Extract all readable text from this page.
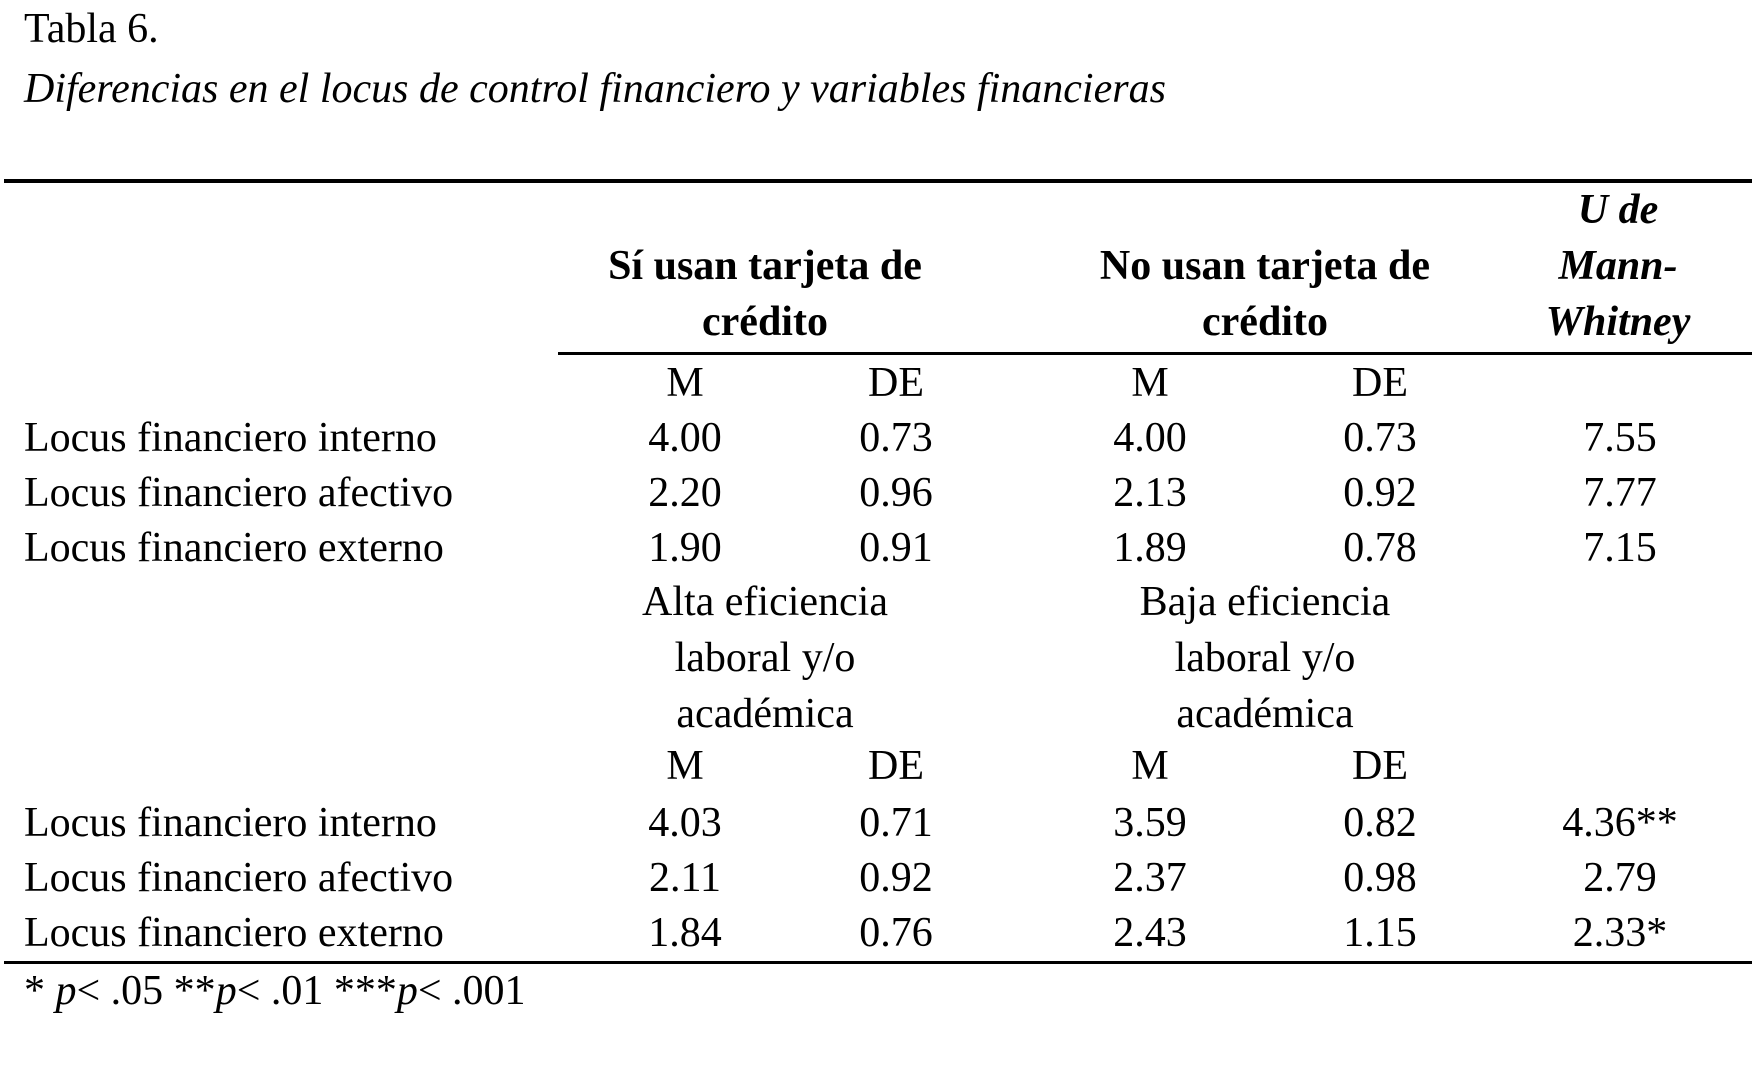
Tabla 6.
Diferencias en el locus de control financiero y variables financieras
Sí usan tarjeta de crédito
No usan tarjeta de crédito
U de Mann-Whitney
M	DE	M	DE
Locus financiero interno	4.00	0.73	4.00	0.73	7.55
Locus financiero afectivo	2.20	0.96	2.13	0.92	7.77
Locus financiero externo	1.90	0.91	1.89	0.78	7.15
Alta eficiencia laboral y/o académica
Baja eficiencia laboral y/o académica
M	DE	M	DE
Locus financiero interno	4.03	0.71	3.59	0.82	4.36**
Locus financiero afectivo	2.11	0.92	2.37	0.98	2.79
Locus financiero externo	1.84	0.76	2.43	1.15	2.33*
* p< .05 **p< .01 ***p< .001
